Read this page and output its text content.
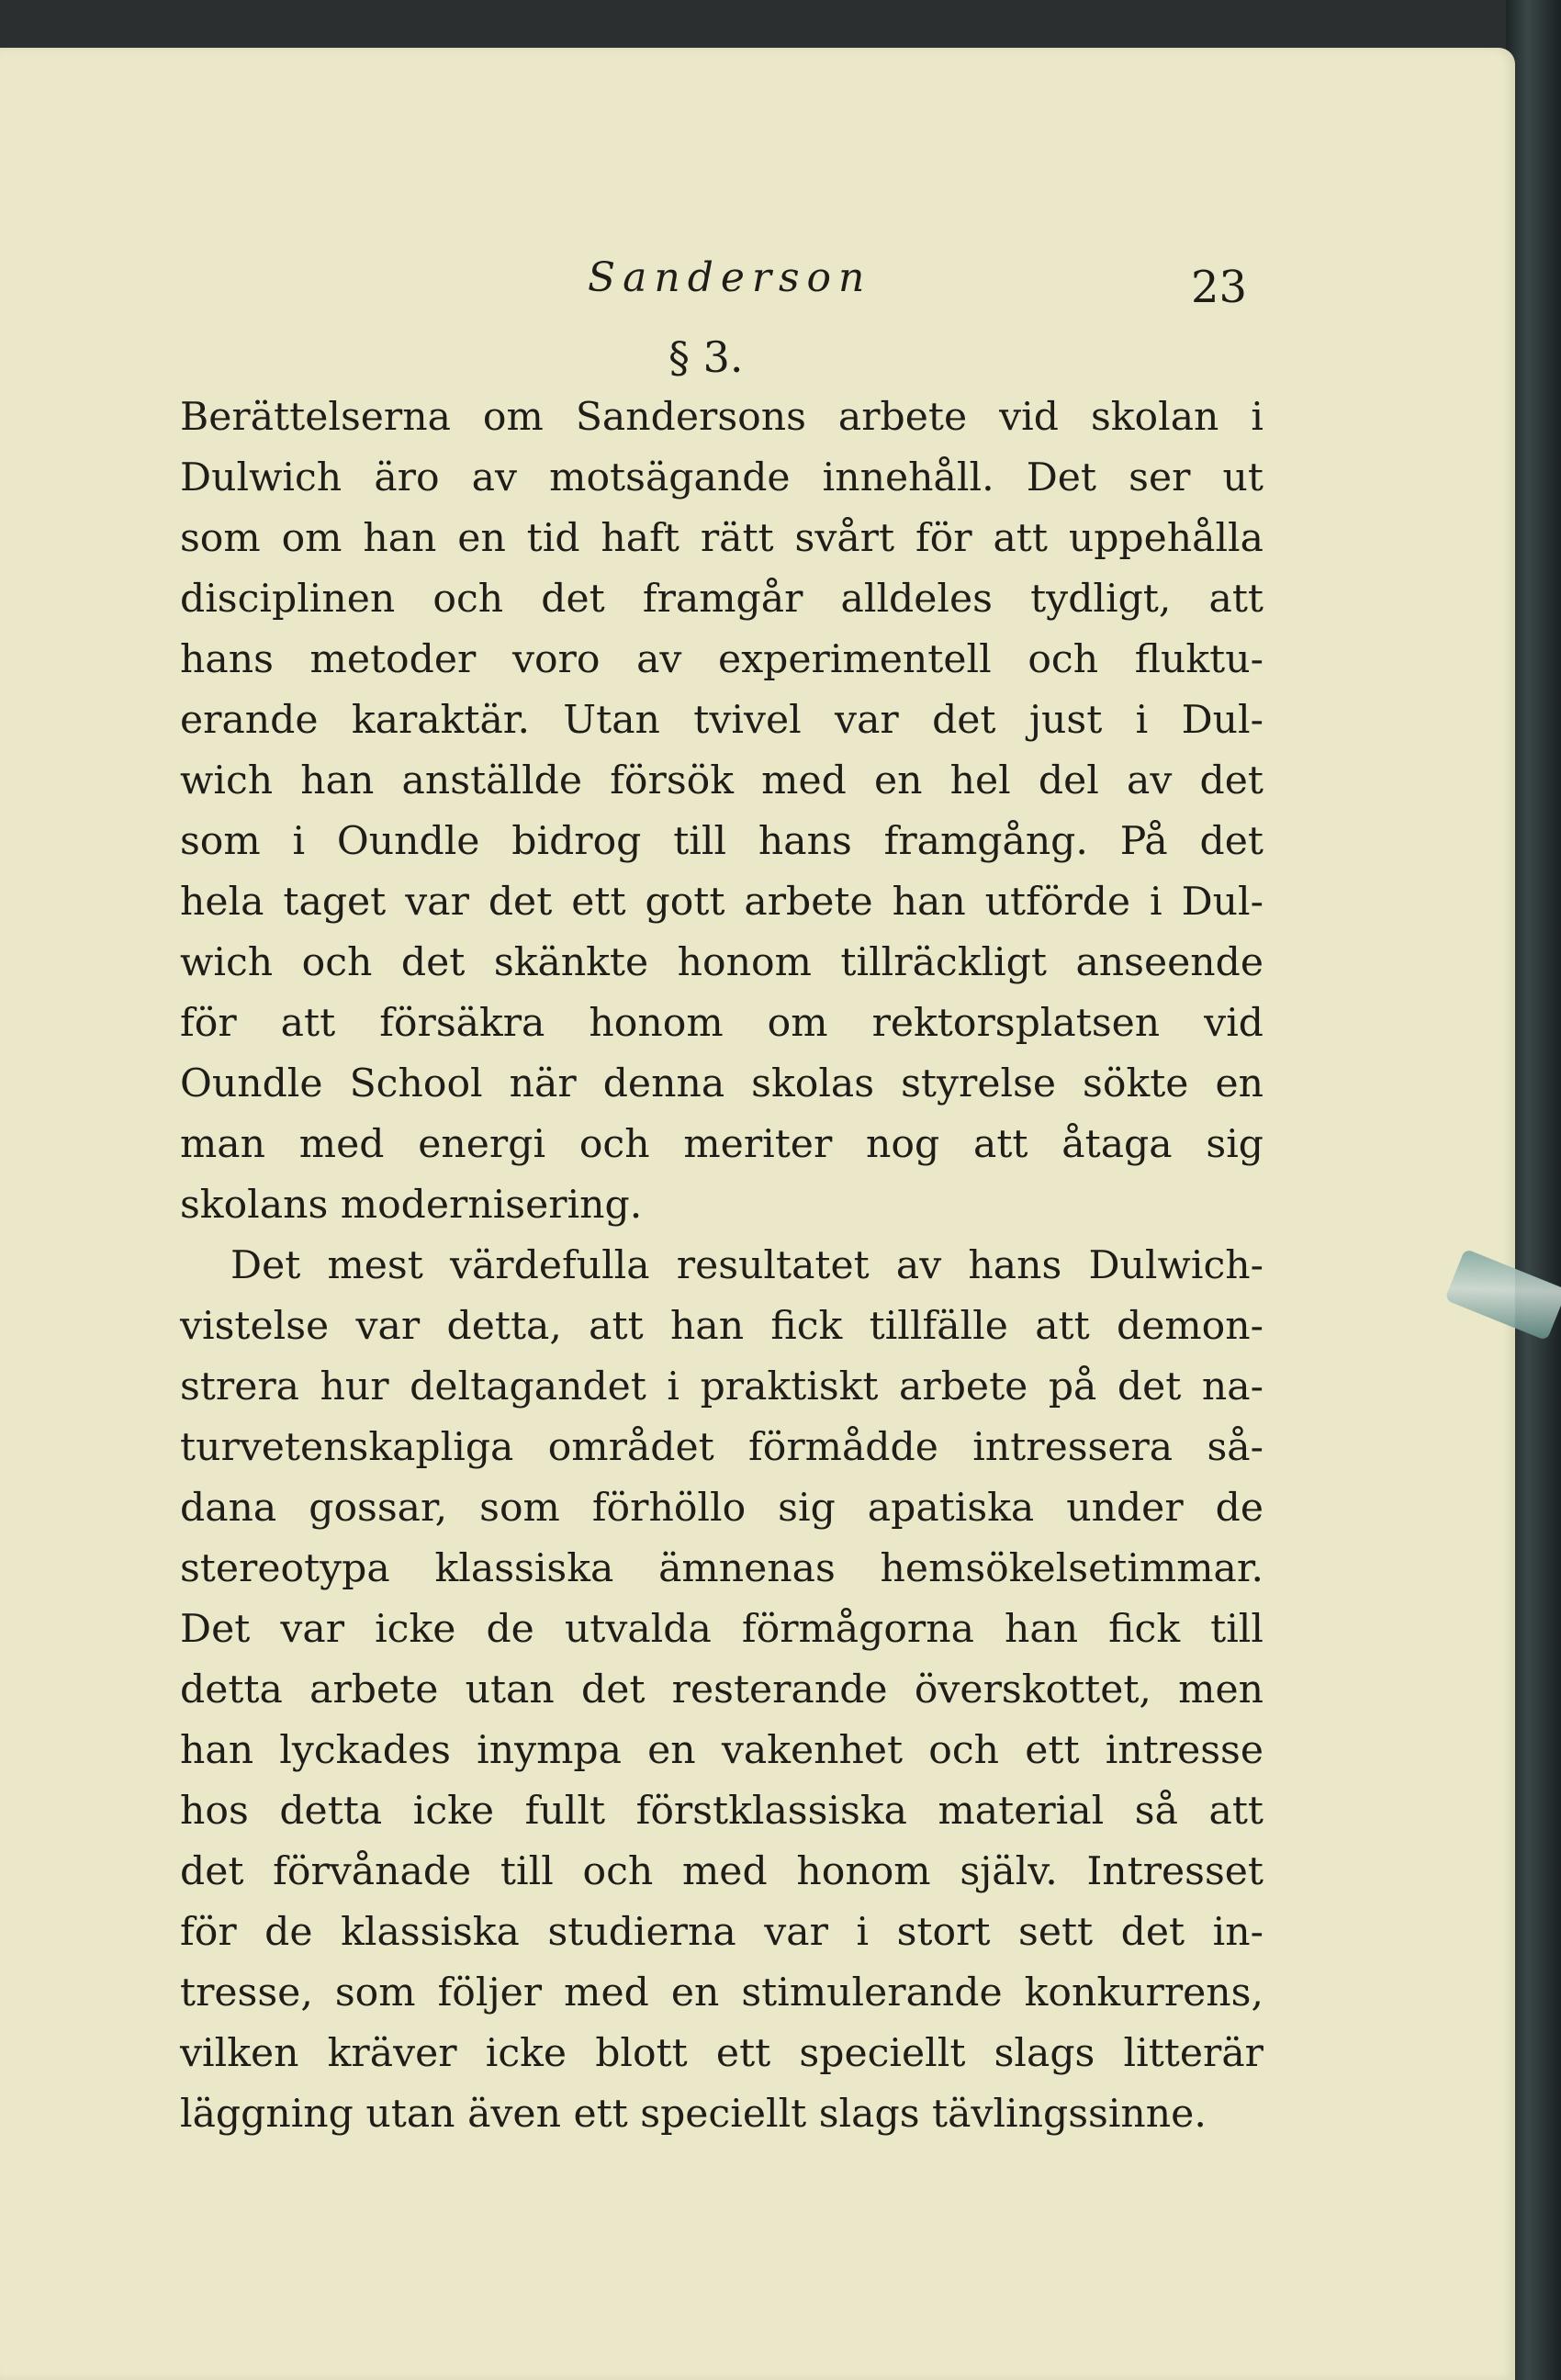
Sanderson	23
§ 3.
Berättelserna om Sandersons arbete vid skolan i
Dulwich äro av motsägande innehåll. Det ser ut
som om han en tid haft rätt svårt för att uppehålla
disciplinen och det framgår alldeles tydligt, att
hans metoder voro av experimentell och fluktu-
erande karaktär. Utan tvivel var det just i Dul-
wich han anställde försök med en hel del av det
som i Oundle bidrog till hans framgång. På det
hela taget var det ett gott arbete han utförde i Dul-
wich och det skänkte honom tillräckligt anseende
för att försäkra honom om rektorsplatsen vid
Oundle School när denna skolas styrelse sökte en
man med energi och meriter nog att åtaga sig
skolans modernisering.
Det mest värdefulla resultatet av hans Dulwich-
vistelse var detta, att han fick tillfälle att demon-
strera hur deltagandet i praktiskt arbete på det na-
turvetenskapliga området förmådde intressera så-
dana gossar, som förhöllo sig apatiska under de
stereotypa klassiska ämnenas hemsökelsetimmar.
Det var icke de utvalda förmågorna han fick till
detta arbete utan det resterande överskottet, men
han lyckades inympa en vakenhet och ett intresse
hos detta icke fullt förstklassiska material så att
det förvånade till och med honom själv. Intresset
för de klassiska studierna var i stort sett det in-
tresse, som följer med en stimulerande konkurrens,
vilken kräver icke blott ett speciellt slags litterär
läggning utan även ett speciellt slags tävlingssinne.
